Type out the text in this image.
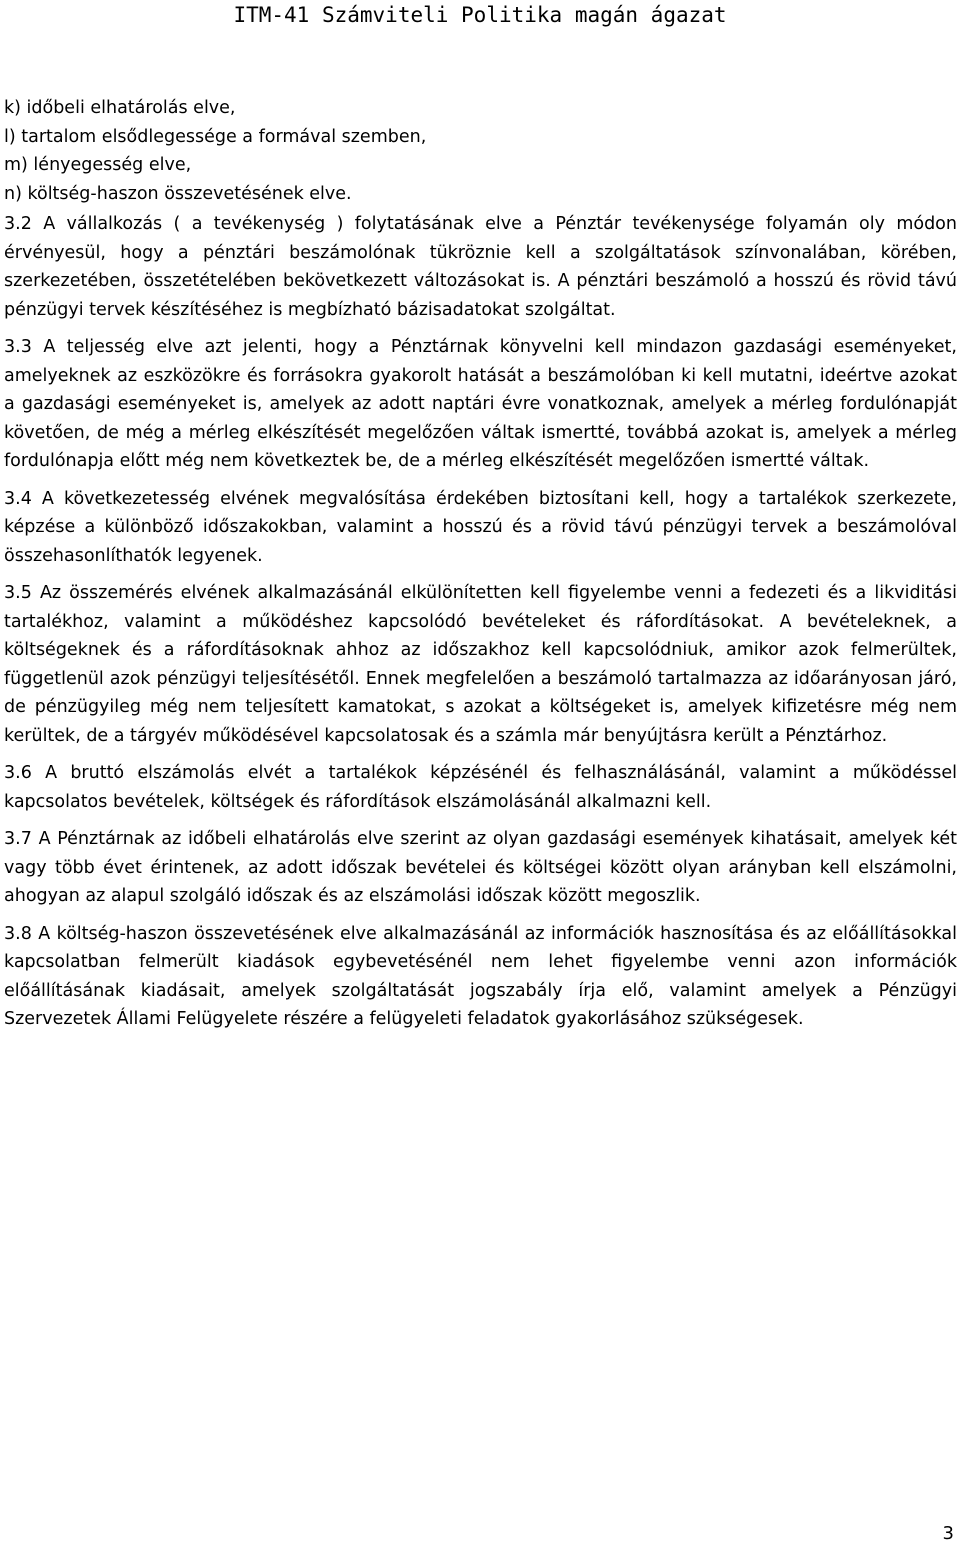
ITM-41 Számviteli Politika magán ágazat

k) időbeli elhatárolás elve,

l) tartalom elsődlegessége a formával szemben,

m) lényegesség elve,

n) költség-haszon összevetésének elve.

3.2 A vállalkozás ( a tevékenység ) folytatásának elve a Pénztár tevékenysége folyamán oly módon érvényesül, hogy a pénztári beszámolónak tükröznie kell a szolgáltatások színvonalában, körében, szerkezetében, összetételében bekövetkezett változásokat is. A pénztári beszámoló a hosszú és rövid távú pénzügyi tervek készítéséhez is megbízható bázisadatokat szolgáltat.

3.3 A teljesség elve azt jelenti, hogy a Pénztárnak könyvelni kell mindazon gazdasági eseményeket, amelyeknek az eszközökre és forrásokra gyakorolt hatását a beszámolóban ki kell mutatni, ideértve azokat a gazdasági eseményeket is, amelyek az adott naptári évre vonatkoznak, amelyek a mérleg fordulónapját követően, de még a mérleg elkészítését megelőzően váltak ismertté, továbbá azokat is, amelyek a mérleg fordulónapja előtt még nem következtek be, de a mérleg elkészítését megelőzően ismertté váltak.

3.4 A következetesség elvének megvalósítása érdekében biztosítani kell, hogy a tartalékok szerkezete, képzése a különböző időszakokban, valamint a hosszú és a rövid távú pénzügyi tervek a beszámolóval összehasonlíthatók legyenek.

3.5 Az összemérés elvének alkalmazásánál elkülönítetten kell figyelembe venni a fedezeti és a likviditási tartalékhoz, valamint a működéshez kapcsolódó bevételeket és ráfordításokat. A bevételeknek, a költségeknek és a ráfordításoknak ahhoz az időszakhoz kell kapcsolódniuk, amikor azok felmerültek, függetlenül azok pénzügyi teljesítésétől. Ennek megfelelően a beszámoló tartalmazza az időarányosan járó, de pénzügyileg még nem teljesített kamatokat, s azokat a költségeket is, amelyek kifizetésre még nem kerültek, de a tárgyév működésével kapcsolatosak és a számla már benyújtásra került a Pénztárhoz.

3.6 A bruttó elszámolás elvét a tartalékok képzésénél és felhasználásánál, valamint a működéssel kapcsolatos bevételek, költségek és ráfordítások elszámolásánál alkalmazni kell.

3.7 A Pénztárnak az időbeli elhatárolás elve szerint az olyan gazdasági események kihatásait, amelyek két vagy több évet érintenek, az adott időszak bevételei és költségei között olyan arányban kell elszámolni, ahogyan az alapul szolgáló időszak és az elszámolási időszak között megoszlik.

3.8 A költség-haszon összevetésének elve alkalmazásánál az információk hasznosítása és az előállításokkal kapcsolatban felmerült kiadások egybevetésénél nem lehet figyelembe venni azon információk előállításának kiadásait, amelyek szolgáltatását jogszabály írja elő, valamint amelyek a Pénzügyi Szervezetek Állami Felügyelete részére a felügyeleti feladatok gyakorlásához szükségesek.

3
